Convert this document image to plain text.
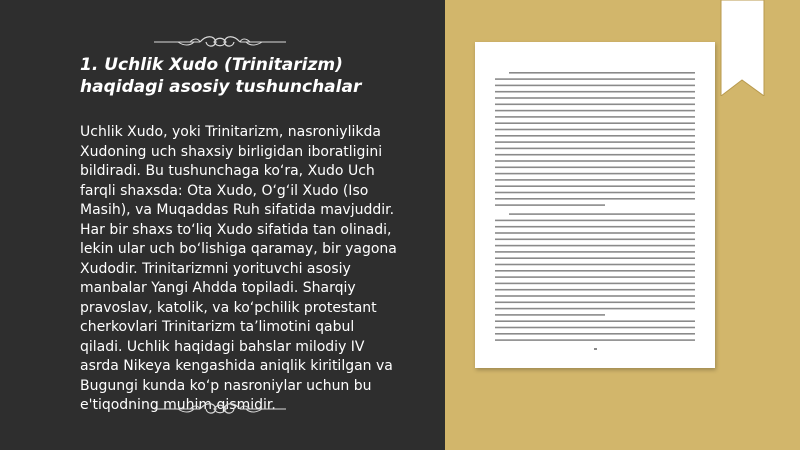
1. Uchlik Xudo (Trinitarizm) haqidagi asosiy tushunchalar
Uchlik Xudo, yoki Trinitarizm, nasroniylikda Xudoning uch shaxsiy birligidan iboratligini bildiradi. Bu tushunchaga ko‘ra, Xudo Uch farqli shaxsda: Ota Xudo, O‘g‘il Xudo (Iso Masih), va Muqaddas Ruh sifatida mavjuddir. Har bir shaxs to‘liq Xudo sifatida tan olinadi, lekin ular uch bo‘lishiga qaramay, bir yagona Xudodir. Trinitarizmni yorituvchi asosiy manbalar Yangi Ahdda topiladi. Sharqiy pravoslav, katolik, va ko‘pchilik protestant cherkovlari Trinitarizm ta’limotini qabul qiladi. Uchlik haqidagi bahslar milodiy IV asrda Nikeya kengashida aniqlik kiritilgan va Bugungi kunda ko‘p nasroniylar uchun bu e'tiqodning muhim qismidir.
